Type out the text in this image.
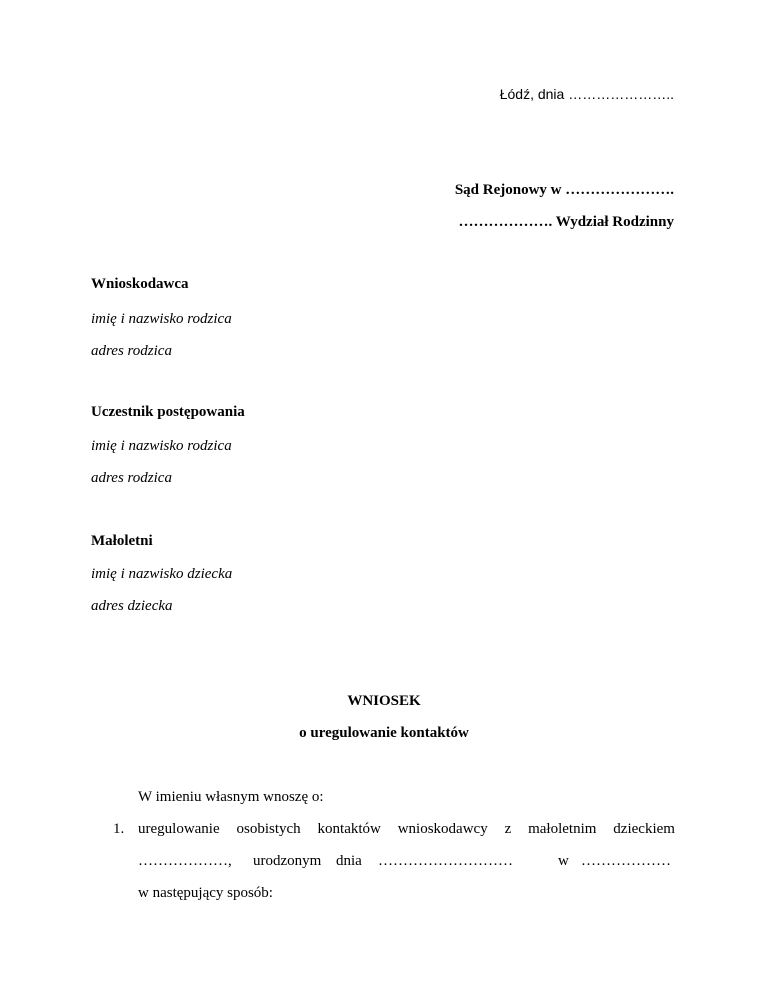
Łódź, dnia …………………..
Sąd Rejonowy w ………………….
………………. Wydział Rodzinny
Wnioskodawca
imię i nazwisko rodzica
adres rodzica
Uczestnik postępowania
imię i nazwisko rodzica
adres rodzica
Małoletni
imię i nazwisko dziecka
adres dziecka
WNIOSEK
o uregulowanie kontaktów
W imieniu własnym wnoszę o:
1. uregulowanie osobistych kontaktów wnioskodawcy z małoletnim dzieckiem
………………, urodzonym dnia ………………………	w ………………
w następujący sposób:
